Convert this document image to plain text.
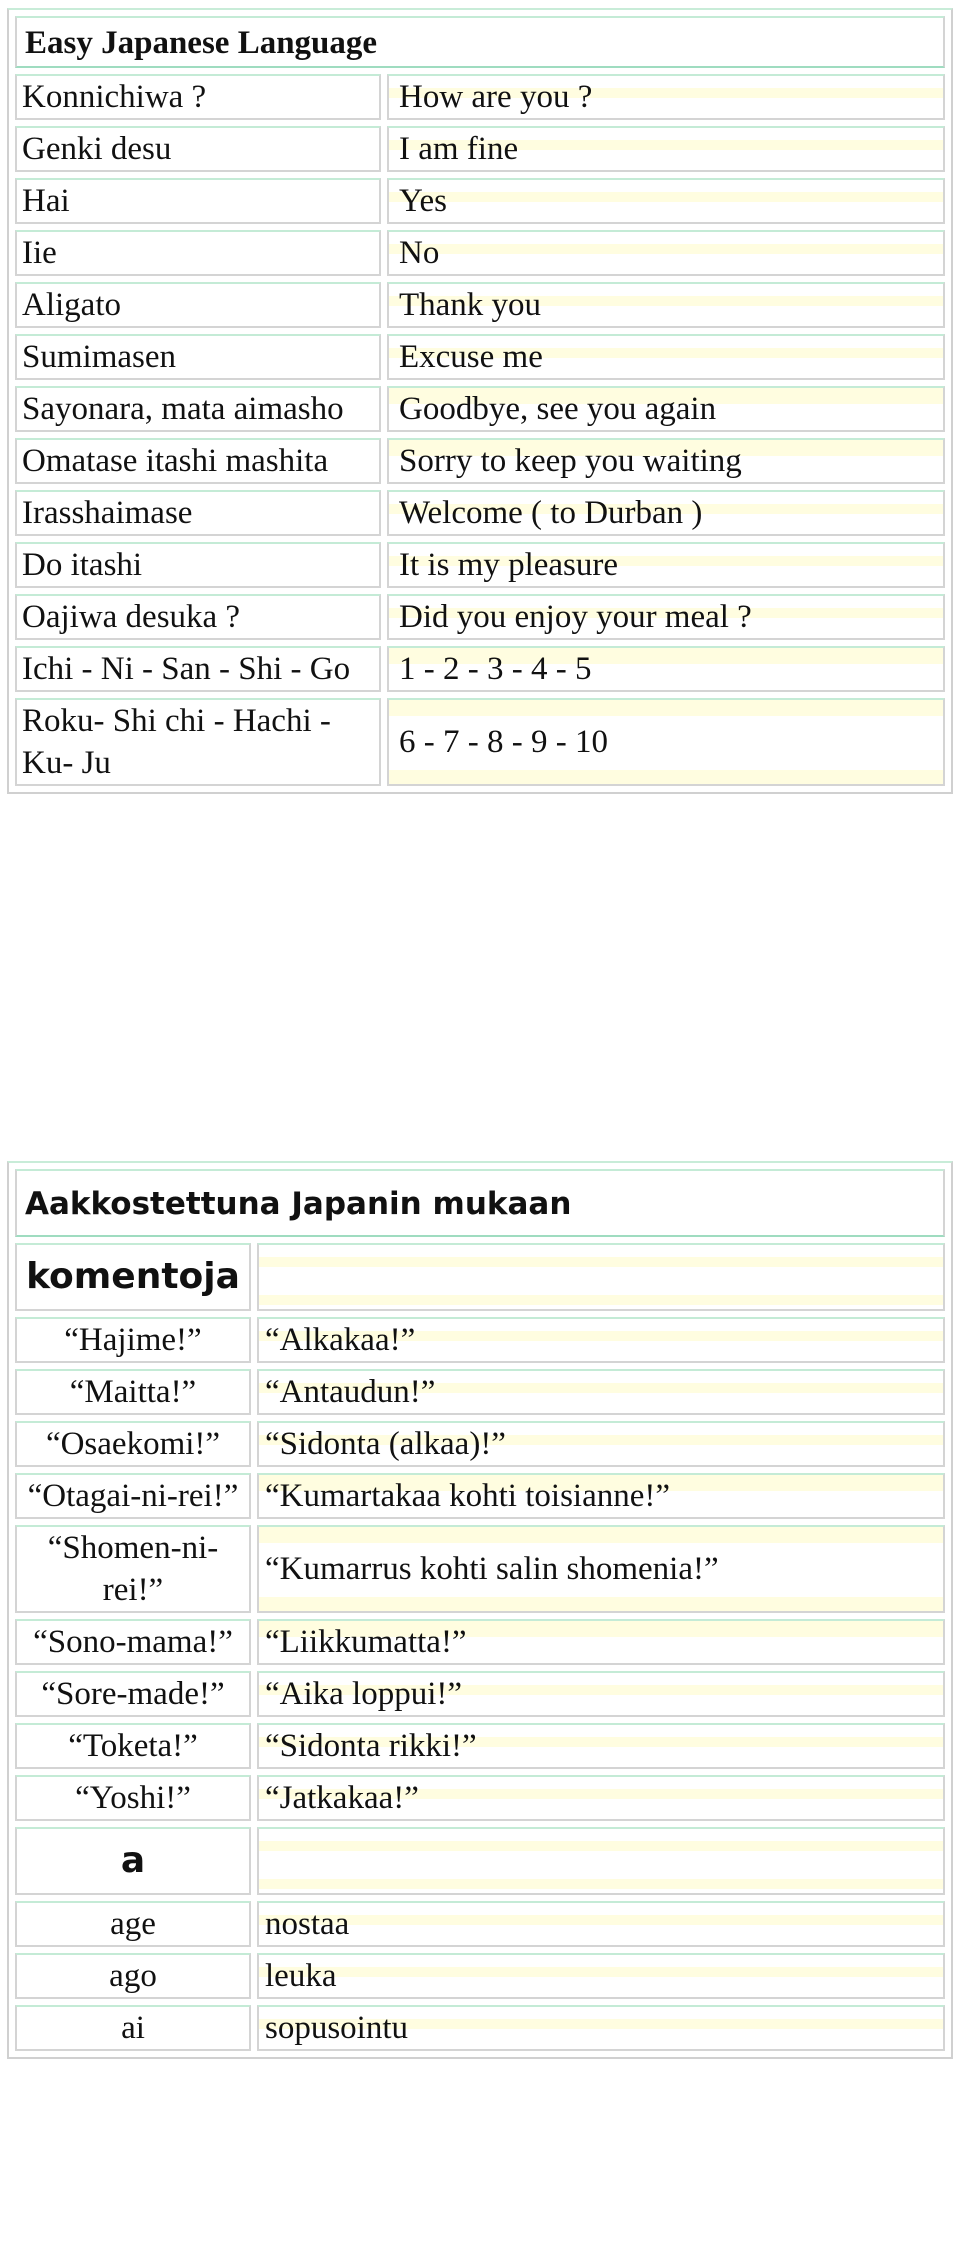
Easy Japanese Language	
Konnichiwa ?	How are you ?
Genki desu	I am fine
Hai	Yes
Iie	No
Aligato	Thank you
Sumimasen	Excuse me
Sayonara, mata aimasho	Goodbye, see you again
Omatase itashi mashita	Sorry to keep you waiting
Irasshaimase	Welcome ( to Durban )
Do itashi	It is my pleasure
Oajiwa desuka ?	Did you enjoy your meal ?
Ichi - Ni - San - Shi - Go	1 - 2 - 3 - 4 - 5
Roku- Shi chi - Hachi - Ku- Ju	6 - 7 - 8 - 9 - 10
Aakkostettuna Japanin mukaan	
komentoja	
“Hajime!”	“Alkakaa!”
“Maitta!”	“Antaudun!”
“Osaekomi!”	“Sidonta (alkaa)!”
“Otagai-ni-rei!”	“Kumartakaa kohti toisianne!”
“Shomen-ni-rei!”	“Kumarrus kohti salin shomenia!”
“Sono-mama!”	“Liikkumatta!”
“Sore-made!”	“Aika loppui!”
“Toketa!”	“Sidonta rikki!”
“Yoshi!”	“Jatkakaa!”
a	
age	nostaa
ago	leuka
ai	sopusointu
